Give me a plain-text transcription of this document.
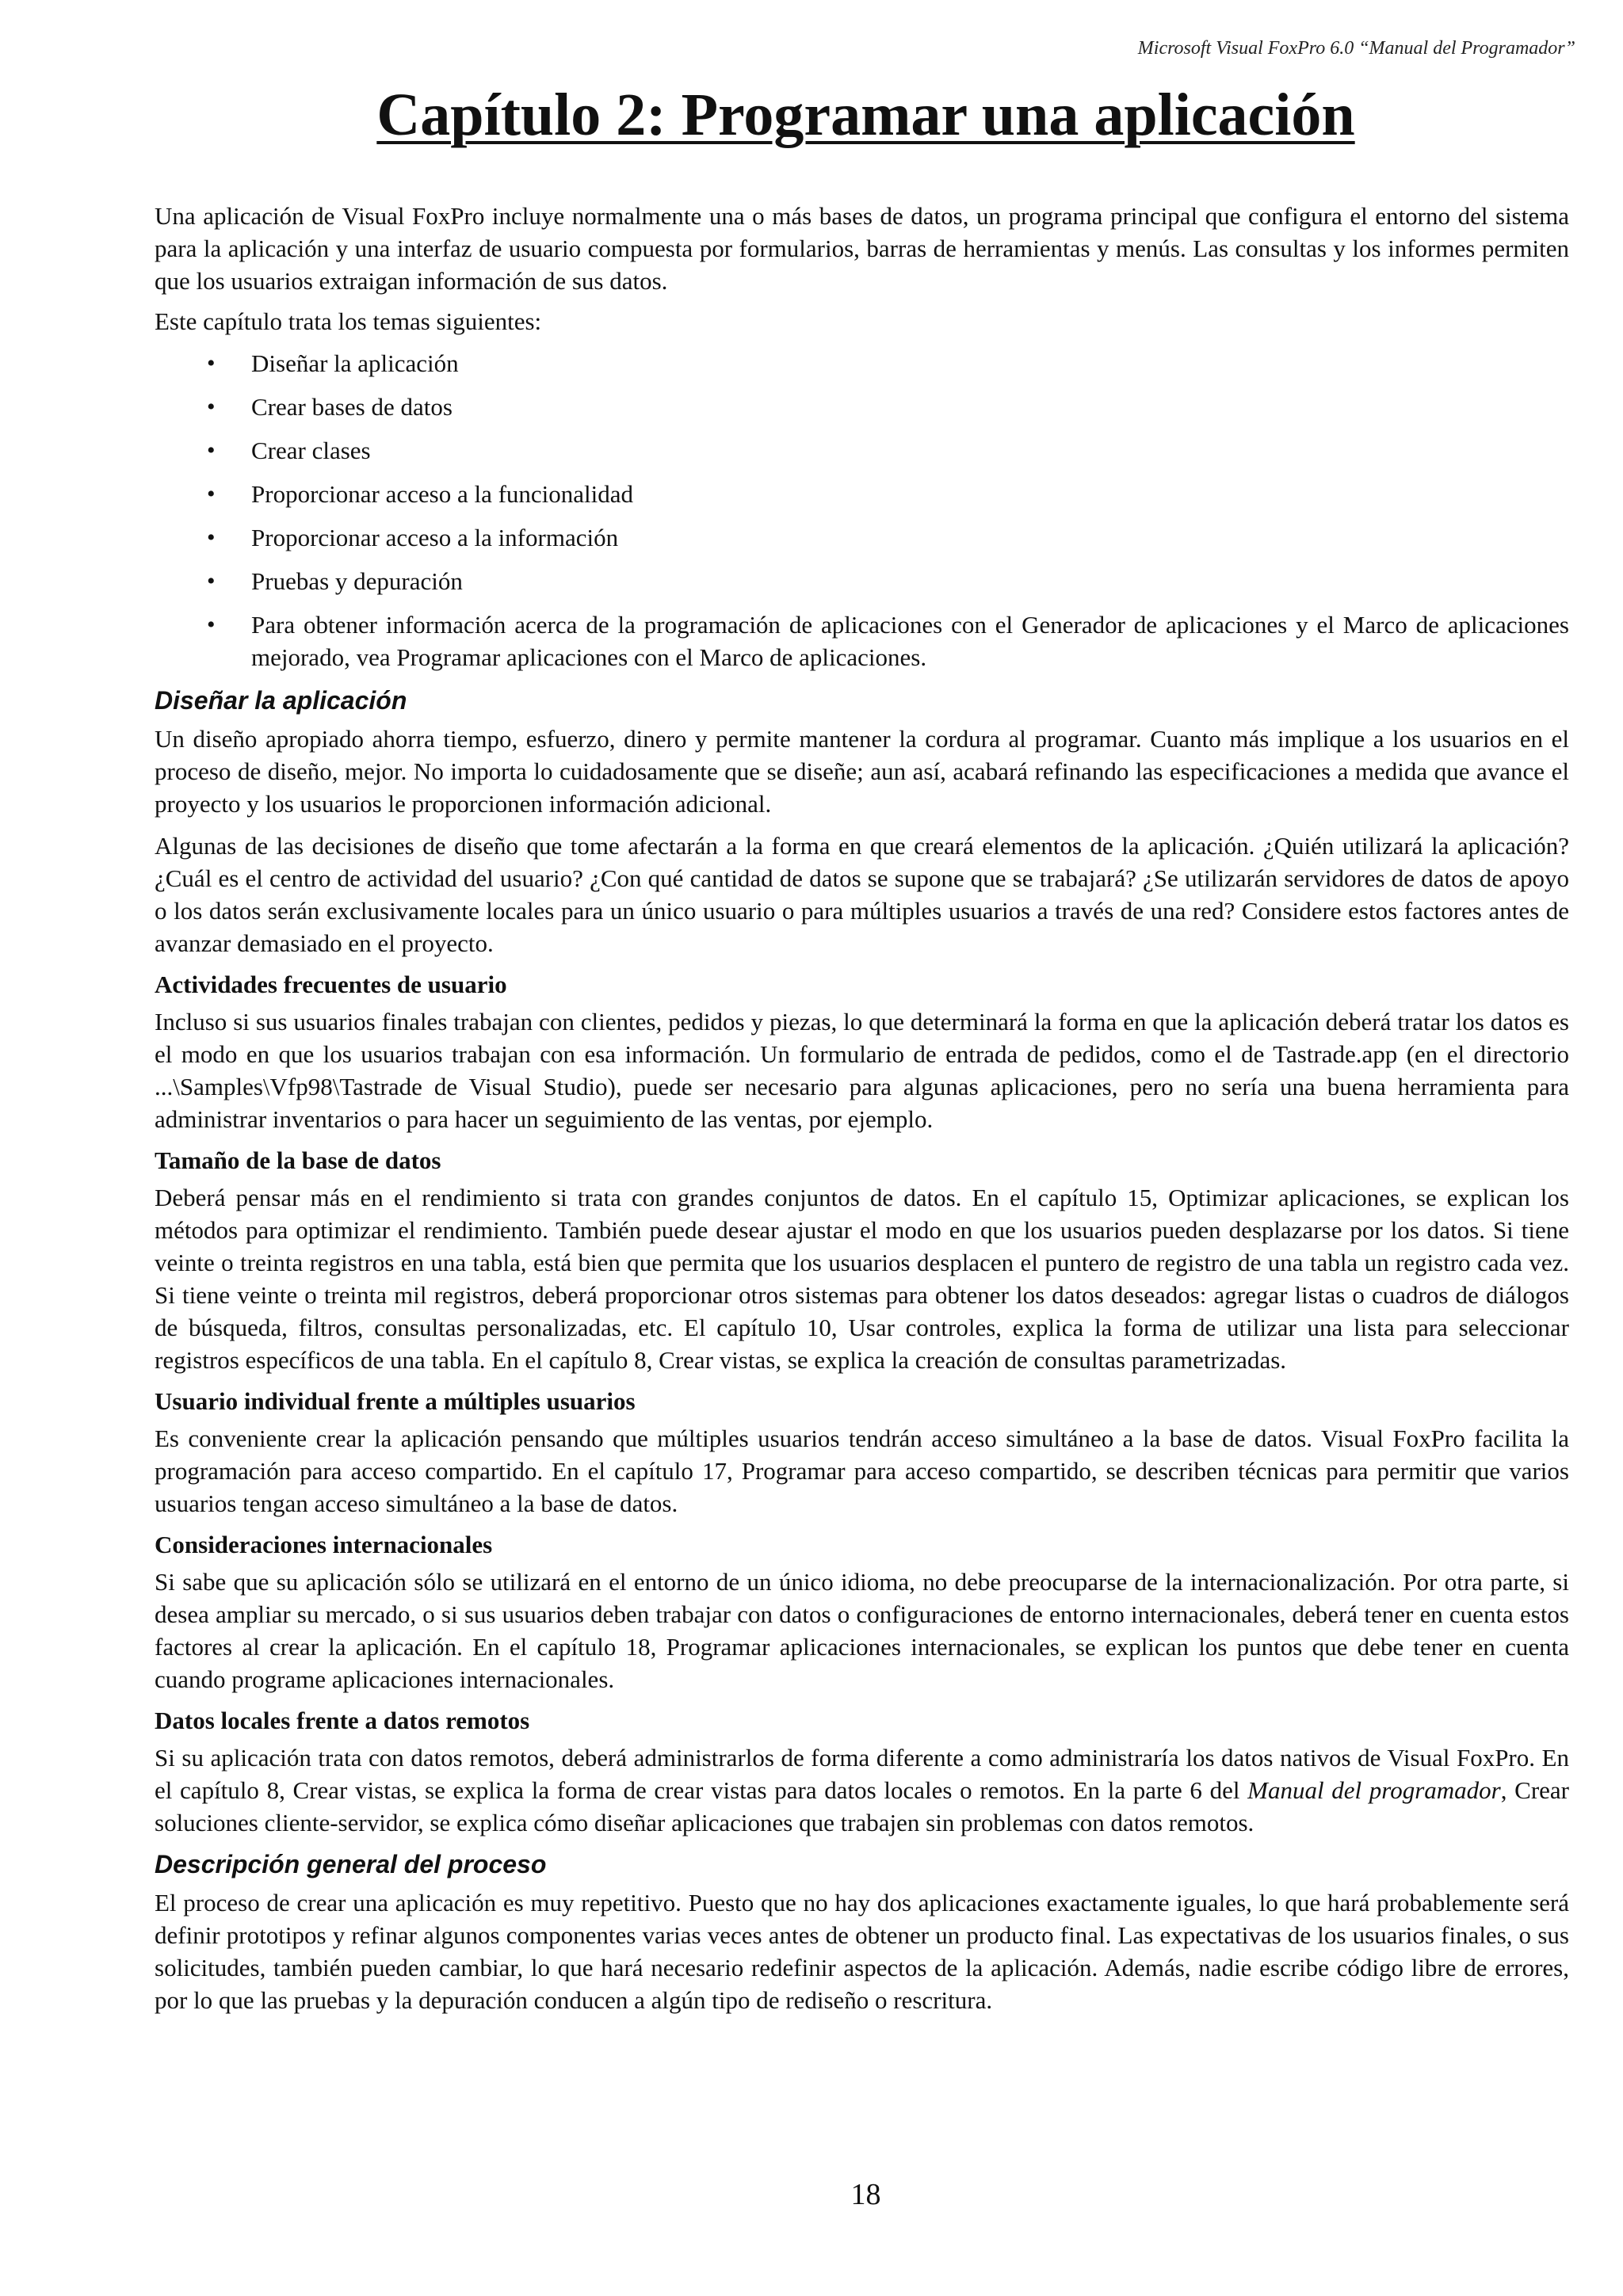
Microsoft Visual FoxPro 6.0 “Manual del Programador”
Capítulo 2: Programar una aplicación

Una aplicación de Visual FoxPro incluye normalmente una o más bases de datos, un programa principal que configura el entorno del sistema para la aplicación y una interfaz de usuario compuesta por formularios, barras de herramientas y menús. Las consultas y los informes permiten que los usuarios extraigan información de sus datos.

Este capítulo trata los temas siguientes:

• Diseñar la aplicación
• Crear bases de datos
• Crear clases
• Proporcionar acceso a la funcionalidad
• Proporcionar acceso a la información
• Pruebas y depuración
• Para obtener información acerca de la programación de aplicaciones con el Generador de aplicaciones y el Marco de aplicaciones mejorado, vea Programar aplicaciones con el Marco de aplicaciones.
Diseñar la aplicación

Un diseño apropiado ahorra tiempo, esfuerzo, dinero y permite mantener la cordura al programar. Cuanto más implique a los usuarios en el proceso de diseño, mejor. No importa lo cuidadosamente que se diseñe; aun así, acabará refinando las especificaciones a medida que avance el proyecto y los usuarios le proporcionen información adicional.

Algunas de las decisiones de diseño que tome afectarán a la forma en que creará elementos de la aplicación. ¿Quién utilizará la aplicación? ¿Cuál es el centro de actividad del usuario? ¿Con qué cantidad de datos se supone que se trabajará? ¿Se utilizarán servidores de datos de apoyo o los datos serán exclusivamente locales para un único usuario o para múltiples usuarios a través de una red? Considere estos factores antes de avanzar demasiado en el proyecto.

Actividades frecuentes de usuario

Incluso si sus usuarios finales trabajan con clientes, pedidos y piezas, lo que determinará la forma en que la aplicación deberá tratar los datos es el modo en que los usuarios trabajan con esa información. Un formulario de entrada de pedidos, como el de Tastrade.app (en el directorio ...\Samples\Vfp98\Tastrade de Visual Studio), puede ser necesario para algunas aplicaciones, pero no sería una buena herramienta para administrar inventarios o para hacer un seguimiento de las ventas, por ejemplo.

Tamaño de la base de datos

Deberá pensar más en el rendimiento si trata con grandes conjuntos de datos. En el capítulo 15, Optimizar aplicaciones, se explican los métodos para optimizar el rendimiento. También puede desear ajustar el modo en que los usuarios pueden desplazarse por los datos. Si tiene veinte o treinta registros en una tabla, está bien que permita que los usuarios desplacen el puntero de registro de una tabla un registro cada vez. Si tiene veinte o treinta mil registros, deberá proporcionar otros sistemas para obtener los datos deseados: agregar listas o cuadros de diálogos de búsqueda, filtros, consultas personalizadas, etc. El capítulo 10, Usar controles, explica la forma de utilizar una lista para seleccionar registros específicos de una tabla. En el capítulo 8, Crear vistas, se explica la creación de consultas parametrizadas.

Usuario individual frente a múltiples usuarios

Es conveniente crear la aplicación pensando que múltiples usuarios tendrán acceso simultáneo a la base de datos. Visual FoxPro facilita la programación para acceso compartido. En el capítulo 17, Programar para acceso compartido, se describen técnicas para permitir que varios usuarios tengan acceso simultáneo a la base de datos.

Consideraciones internacionales

Si sabe que su aplicación sólo se utilizará en el entorno de un único idioma, no debe preocuparse de la internacionalización. Por otra parte, si desea ampliar su mercado, o si sus usuarios deben trabajar con datos o configuraciones de entorno internacionales, deberá tener en cuenta estos factores al crear la aplicación. En el capítulo 18, Programar aplicaciones internacionales, se explican los puntos que debe tener en cuenta cuando programe aplicaciones internacionales.

Datos locales frente a datos remotos

Si su aplicación trata con datos remotos, deberá administrarlos de forma diferente a como administraría los datos nativos de Visual FoxPro. En el capítulo 8, Crear vistas, se explica la forma de crear vistas para datos locales o remotos. En la parte 6 del Manual del programador, Crear soluciones cliente-servidor, se explica cómo diseñar aplicaciones que trabajen sin problemas con datos remotos.

Descripción general del proceso

El proceso de crear una aplicación es muy repetitivo. Puesto que no hay dos aplicaciones exactamente iguales, lo que hará probablemente será definir prototipos y refinar algunos componentes varias veces antes de obtener un producto final. Las expectativas de los usuarios finales, o sus solicitudes, también pueden cambiar, lo que hará necesario redefinir aspectos de la aplicación. Además, nadie escribe código libre de errores, por lo que las pruebas y la depuración conducen a algún tipo de rediseño o rescritura.

18
